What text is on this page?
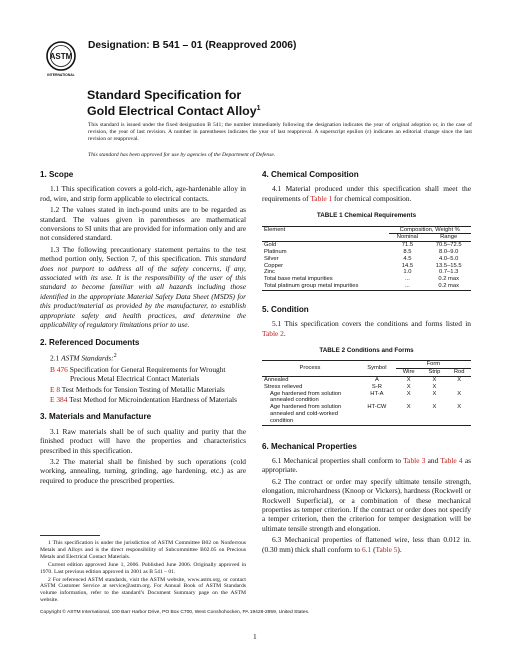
ASTM
INTERNATIONAL
Designation: B 541 – 01 (Reapproved 2006)
Standard Specification for
Gold Electrical Contact Alloy$^1$
This standard is issued under the fixed designation B 541; the number immediately following the designation indicates the year of original adoption or, in the case of revision, the year of last revision. A number in parentheses indicates the year of last reapproval. A superscript epsilon (ε) indicates an editorial change since the last revision or reapproval.
This standard has been approved for use by agencies of the Department of Defense.
1. Scope

1.1 This specification covers a gold-rich, age-hardenable alloy in rod, wire, and strip form applicable to electrical contacts.

1.2 The values stated in inch-pound units are to be regarded as standard. The values given in parentheses are mathematical conversions to SI units that are provided for information only and are not considered standard.

1.3 The following precautionary statement pertains to the test method portion only, Section 7, of this specification. This standard does not purport to address all of the safety concerns, if any, associated with its use. It is the responsibility of the user of this standard to become familiar with all hazards including those identified in the appropriate Material Safety Data Sheet (MSDS) for this product/material as provided by the manufacturer, to establish appropriate safety and health practices, and determine the applicability of regulatory limitations prior to use.

2. Referenced Documents

2.1 ASTM Standards:$^2$

B 476 Specification for General Requirements for Wrought Precious Metal Electrical Contact Materials
E 8 Test Methods for Tension Testing of Metallic Materials
E 384 Test Method for Microindentation Hardness of Materials
3. Materials and Manufacture

3.1 Raw materials shall be of such quality and purity that the finished product will have the properties and characteristics prescribed in this specification.

3.2 The material shall be finished by such operations (cold working, annealing, turning, grinding, age hardening, etc.) as are required to produce the prescribed properties.

1 This specification is under the jurisdiction of ASTM Committee B02 on Nonferrous Metals and Alloys and is the direct responsibility of Subcommittee B02.05 on Precious Metals and Electrical Contact Materials.

Current edition approved June 1, 2006. Published June 2006. Originally approved in 1970. Last previous edition approved in 2001 as B 541 – 01.

2 For referenced ASTM standards, visit the ASTM website, www.astm.org, or contact ASTM Customer Service at service@astm.org. For Annual Book of ASTM Standards volume information, refer to the standard’s Document Summary page on the ASTM website.

4. Chemical Composition

4.1 Material produced under this specification shall meet the requirements of Table 1 for chemical composition.

TABLE 1 Chemical Requirements
Element	Composition, Weight %	
	Nominal	Range
Gold	71.5	70.5–72.5
Platinum	8.5	8.0–9.0
Silver	4.5	4.0–5.0
Copper	14.5	13.5–15.5
Zinc	1.0	0.7–1.3
Total base metal impurities	...	0.2 max
Total platinum group metal impurities	...	0.2 max
5. Condition

5.1 This specification covers the conditions and forms listed in Table 2.

TABLE 2 Conditions and Forms
Process	Symbol	Form		
		Wire	Strip	Rod
Annealed	A	X	X	X
Stress relieved	S-R	X	X	
Age hardened from solution annealed condition	HT-A	X	X	X
Age hardened from solution annealed and cold-worked condition	HT-CW	X	X	X
6. Mechanical Properties

6.1 Mechanical properties shall conform to Table 3 and Table 4 as appropriate.

6.2 The contract or order may specify ultimate tensile strength, elongation, microhardness (Knoop or Vickers), hardness (Rockwell or Rockwell Superficial), or a combination of these mechanical properties as temper criterion. If the contract or order does not specify a temper criterion, then the criterion for temper designation will be ultimate tensile strength and elongation.

6.3 Mechanical properties of flattened wire, less than 0.012 in. (0.30 mm) thick shall conform to 6.1 (Table 5).

Copyright © ASTM International, 100 Barr Harbor Drive, PO Box C700, West Conshohocken, PA 19428-2959, United States.
1
